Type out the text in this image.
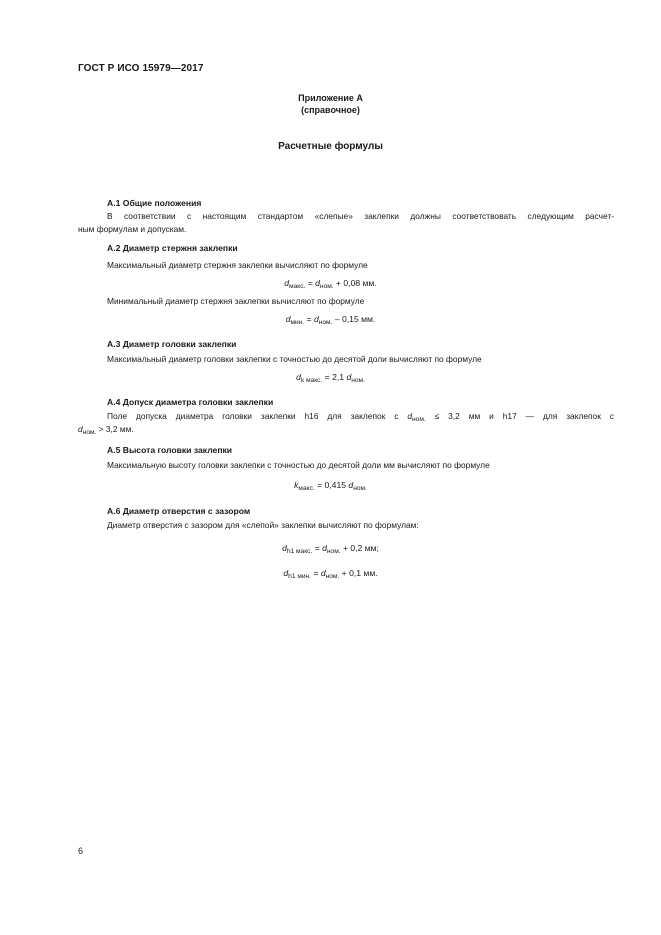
ГОСТ Р ИСО 15979—2017
Приложение А
(справочное)
Расчетные формулы
А.1 Общие положения
В соответствии с настоящим стандартом «слепые» заклепки должны соответствовать следующим расчет-
ным формулам и допускам.
А.2 Диаметр стержня заклепки
Максимальный диаметр стержня заклепки вычисляют по формуле
$d_{макс.} = d_{ном.} + 0,08$ мм.
Минимальный диаметр стержня заклепки вычисляют по формуле
$d_{мин.} = d_{ном.} - 0,15$ мм.
А.3 Диаметр головки заклепки
Максимальный диаметр головки заклепки с точностью до десятой доли вычисляют по формуле
$d_{k макс.} = 2,1$ $d_{ном.}$
А.4 Допуск диаметра головки заклепки
Поле допуска диаметра головки заклепки h16 для заклепок с $d_{ном.} \le 3,2$ мм и h17 — для заклепок с
$d_{ном.} > 3,2$ мм.
А.5 Высота головки заклепки
Максимальную высоту головки заклепки с точностью до десятой доли мм вычисляют по формуле
$k_{макс.} = 0,415$ $d_{ном.}$
А.6 Диаметр отверстия с зазором
Диаметр отверстия с зазором для «слепой» заклепки вычисляют по формулам:
$d_{h1 макс.} = d_{ном.} + 0,2$ мм;
$d_{h1 мин.} = d_{ном.} + 0,1$ мм.
6
